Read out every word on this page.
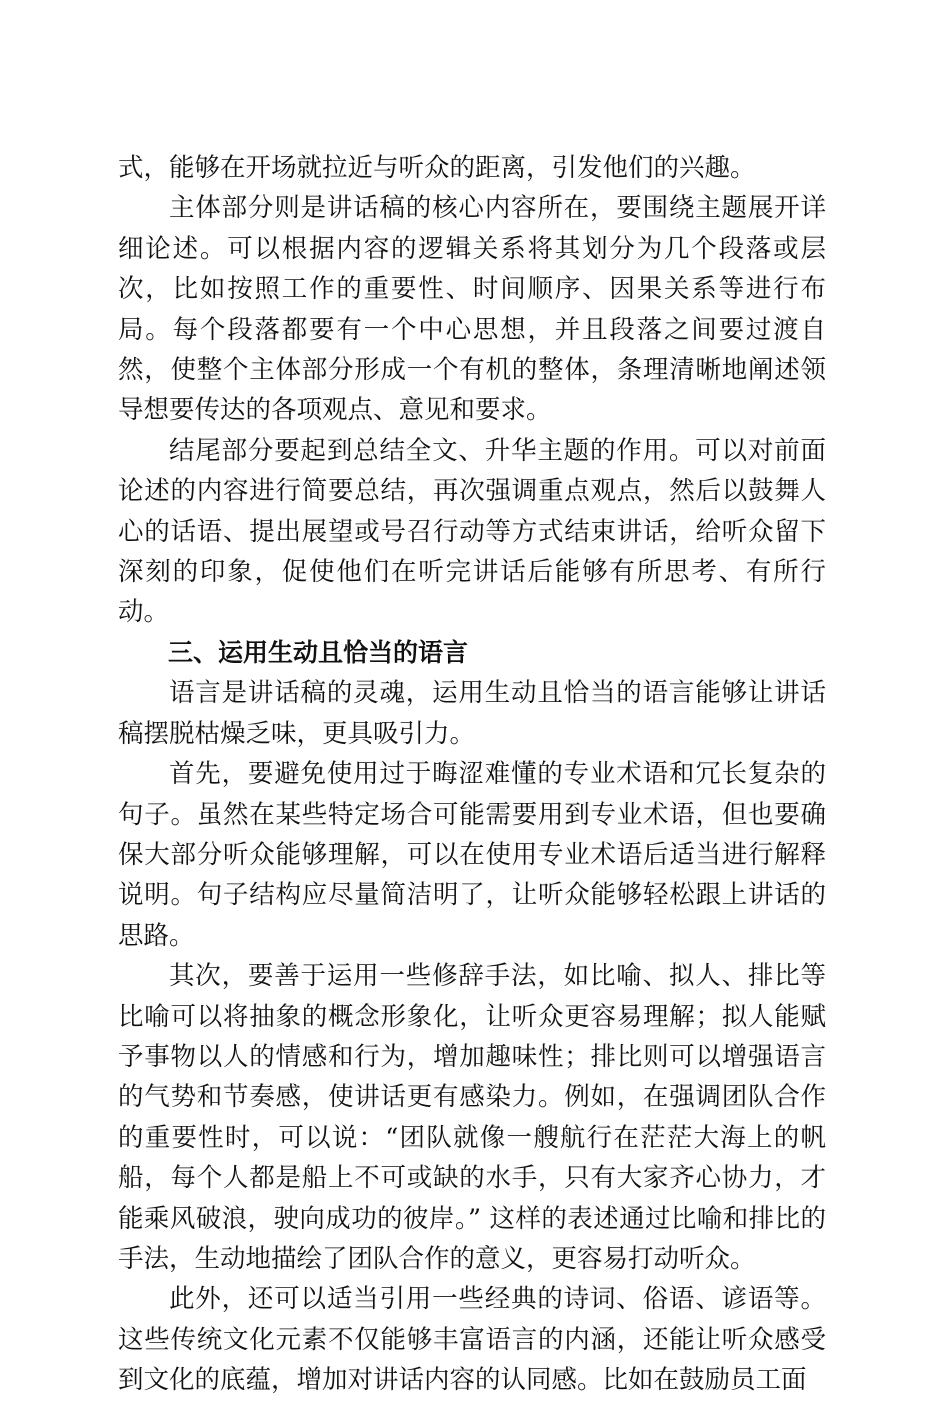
式，能够在开场就拉近与听众的距离，引发他们的兴趣。

主体部分则是讲话稿的核心内容所在，要围绕主题展开详细论述。可以根据内容的逻辑关系将其划分为几个段落或层次，比如按照工作的重要性、时间顺序、因果关系等进行布局。每个段落都要有一个中心思想，并且段落之间要过渡自然，使整个主体部分形成一个有机的整体，条理清晰地阐述领导想要传达的各项观点、意见和要求。

结尾部分要起到总结全文、升华主题的作用。可以对前面论述的内容进行简要总结，再次强调重点观点，然后以鼓舞人心的话语、提出展望或号召行动等方式结束讲话，给听众留下深刻的印象，促使他们在听完讲话后能够有所思考、有所行动。

三、运用生动且恰当的语言

语言是讲话稿的灵魂，运用生动且恰当的语言能够让讲话稿摆脱枯燥乏味，更具吸引力。

首先，要避免使用过于晦涩难懂的专业术语和冗长复杂的句子。虽然在某些特定场合可能需要用到专业术语，但也要确保大部分听众能够理解，可以在使用专业术语后适当进行解释说明。句子结构应尽量简洁明了，让听众能够轻松跟上讲话的思路。

其次，要善于运用一些修辞手法，如比喻、拟人、排比等比喻可以将抽象的概念形象化，让听众更容易理解；拟人能赋予事物以人的情感和行为，增加趣味性；排比则可以增强语言的气势和节奏感，使讲话更有感染力。例如，在强调团队合作的重要性时，可以说：“团队就像一艘航行在茫茫大海上的帆船，每个人都是船上不可或缺的水手，只有大家齐心协力，才能乘风破浪，驶向成功的彼岸。” 这样的表述通过比喻和排比的手法，生动地描绘了团队合作的意义，更容易打动听众。

此外，还可以适当引用一些经典的诗词、俗语、谚语等。这些传统文化元素不仅能够丰富语言的内涵，还能让听众感受到文化的底蕴，增加对讲话内容的认同感。比如在鼓励员工面
